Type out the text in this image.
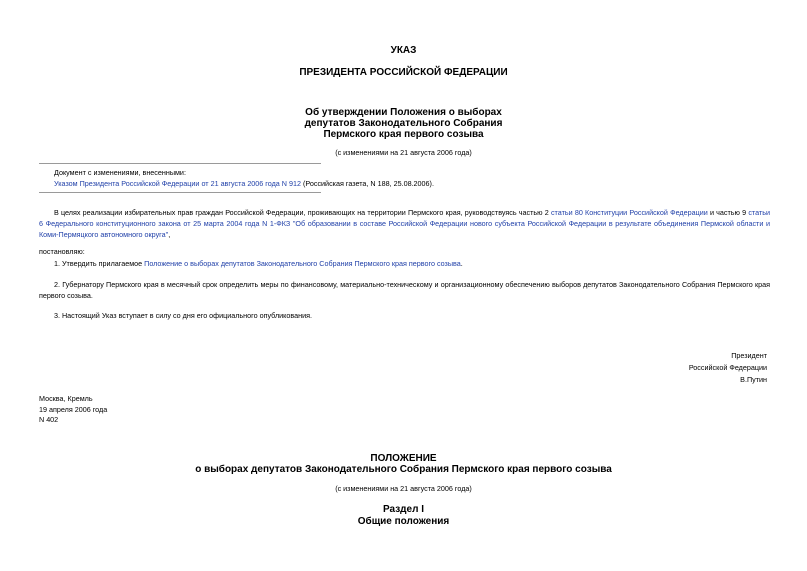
УКАЗ
ПРЕЗИДЕНТА РОССИЙСКОЙ ФЕДЕРАЦИИ
Об утверждении Положения о выборах
депутатов Законодательного Собрания
Пермского края первого созыва
(с изменениями на 21 августа 2006 года)
Документ с изменениями, внесенными:
Указом Президента Российской Федерации от 21 августа 2006 года N 912 (Российская газета, N 188, 25.08.2006).
В целях реализации избирательных прав граждан Российской Федерации, проживающих на территории Пермского края, руководствуясь частью 2 статьи 80 Конституции Российской Федерации и частью 9 статьи 6 Федерального конституционного закона от 25 марта 2004 года N 1-ФКЗ "Об образовании в составе Российской Федерации нового субъекта Российской Федерации в результате объединения Пермской области и Коми-Пермяцкого автономного округа",
постановляю:
1. Утвердить прилагаемое Положение о выборах депутатов Законодательного Собрания Пермского края первого созыва.
2. Губернатору Пермского края в месячный срок определить меры по финансовому, материально-техническому и организационному обеспечению выборов депутатов Законодательного Собрания Пермского края первого созыва.
3. Настоящий Указ вступает в силу со дня его официального опубликования.
Президент
Российской Федерации
В.Путин
Москва, Кремль
19 апреля 2006 года
N 402
ПОЛОЖЕНИЕ
о выборах депутатов Законодательного Собрания Пермского края первого созыва
(с изменениями на 21 августа 2006 года)
Раздел I
Общие положения
